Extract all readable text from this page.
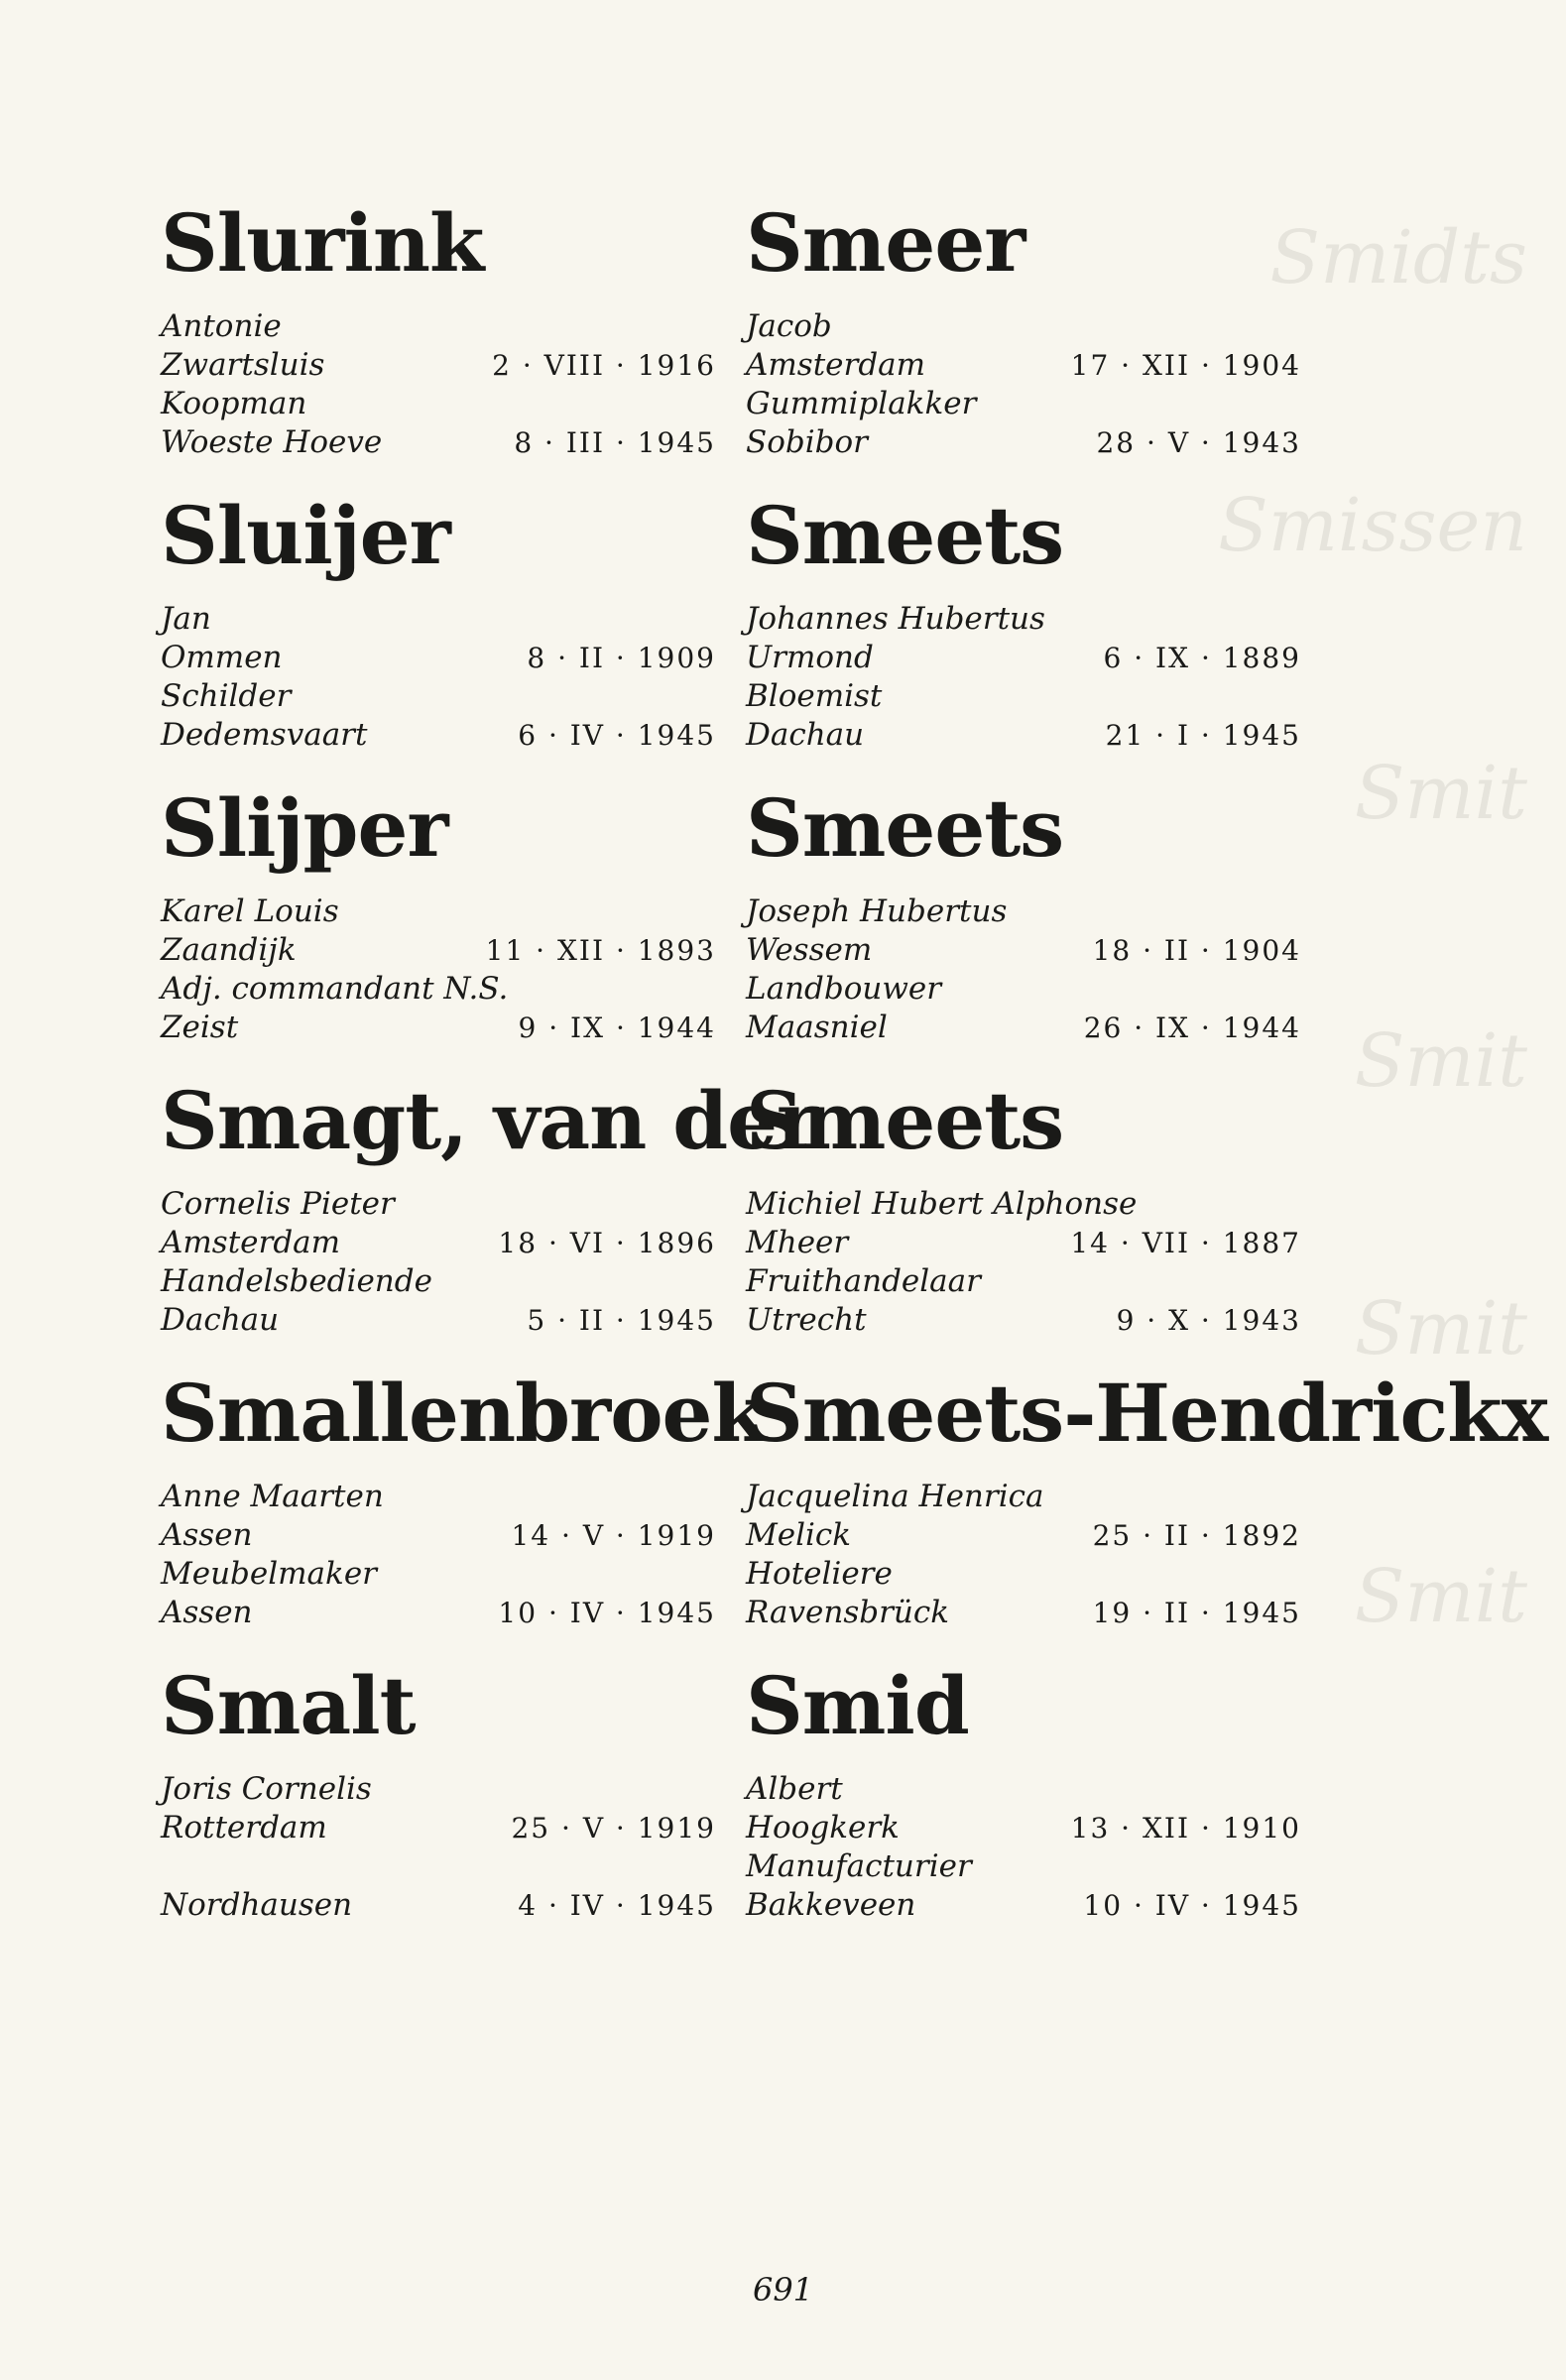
Smidts
Smissen
Smit
Smit
Smit
Smit
Slurink
Antonie
Zwartsluis	2 · VIII · 1916
Koopman
Woeste Hoeve	8 · III · 1945
Sluijer
Jan
Ommen	8 · II · 1909
Schilder
Dedemsvaart	6 · IV · 1945
Slijper
Karel Louis
Zaandijk	11 · XII · 1893
Adj. commandant N.S.
Zeist	9 · IX · 1944
Smagt, van der
Cornelis Pieter
Amsterdam	18 · VI · 1896
Handelsbediende
Dachau	5 · II · 1945
Smallenbroek
Anne Maarten
Assen	14 · V · 1919
Meubelmaker
Assen	10 · IV · 1945
Smalt
Joris Cornelis
Rotterdam	25 · V · 1919
Nordhausen	4 · IV · 1945
Smeer
Jacob
Amsterdam	17 · XII · 1904
Gummiplakker
Sobibor	28 · V · 1943
Smeets
Johannes Hubertus
Urmond	6 · IX · 1889
Bloemist
Dachau	21 · I · 1945
Smeets
Joseph Hubertus
Wessem	18 · II · 1904
Landbouwer
Maasniel	26 · IX · 1944
Smeets
Michiel Hubert Alphonse
Mheer	14 · VII · 1887
Fruithandelaar
Utrecht	9 · X · 1943
Smeets-Hendrickx
Jacquelina Henrica
Melick	25 · II · 1892
Hoteliere
Ravensbrück	19 · II · 1945
Smid
Albert
Hoogkerk	13 · XII · 1910
Manufacturier
Bakkeveen	10 · IV · 1945
691
